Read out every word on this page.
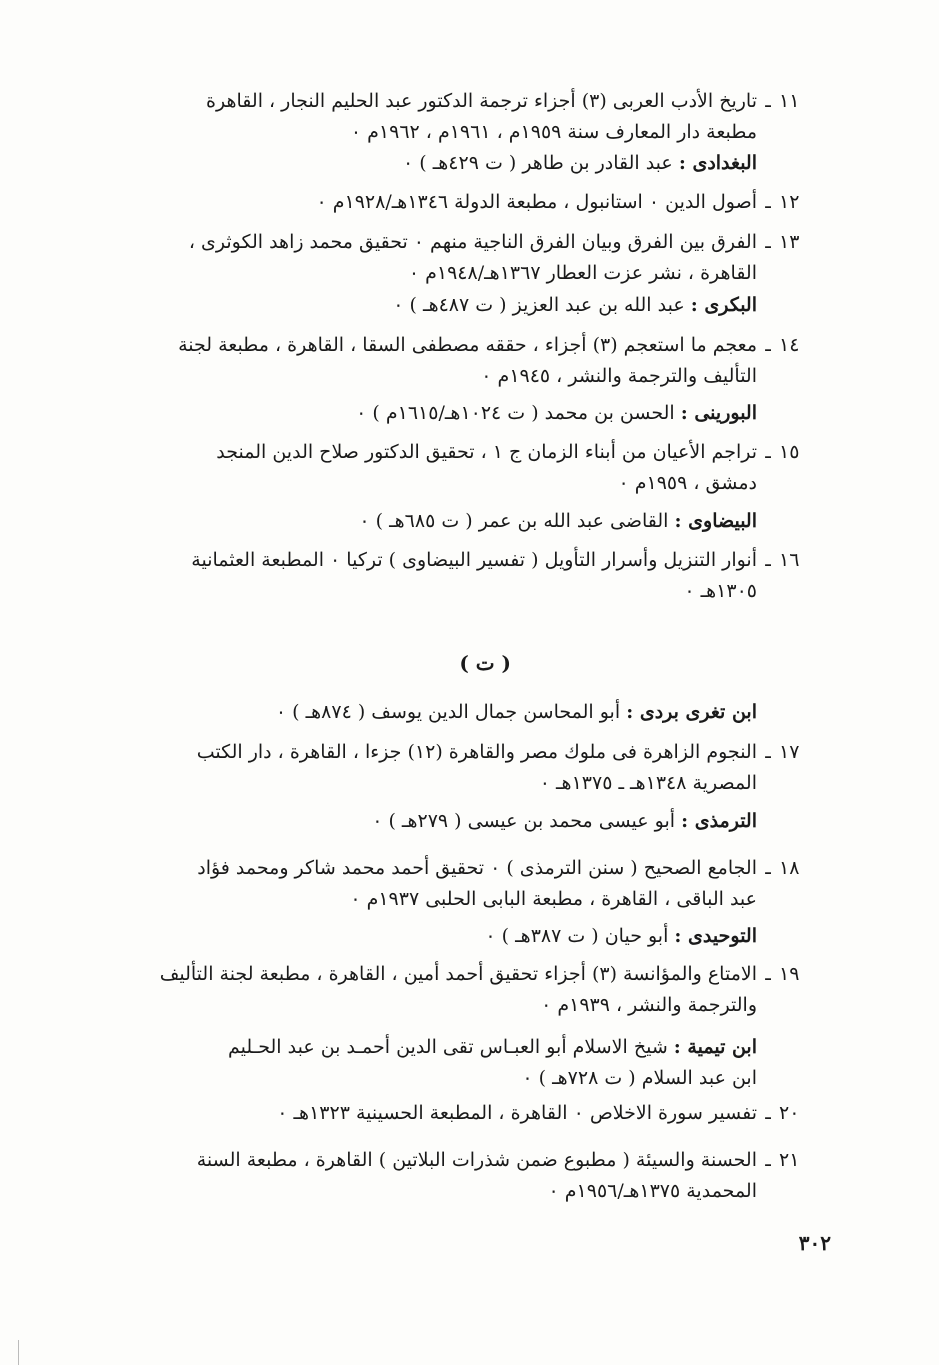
١١ـتاريخ الأدب العربى (٣) أجزاء ترجمة الدكتور عبد الحليم النجار ، القاهرة
مطبعة دار المعارف سنة ١٩٥٩م ، ١٩٦١م ، ١٩٦٢م ٠
البغدادى : عبد القادر بن طاهر ( ت ٤٢٩هـ ) ٠
١٢ـأصول الدين ٠ استانبول ، مطبعة الدولة ١٣٤٦هـ/١٩٢٨م ٠
١٣ـالفرق بين الفرق وبيان الفرق الناجية منهم ٠ تحقيق محمد زاهد الكوثرى ،
القاهرة ، نشر عزت العطار ١٣٦٧هـ/١٩٤٨م ٠
البكرى : عبد الله بن عبد العزيز ( ت ٤٨٧هـ ) ٠
١٤ـمعجم ما استعجم (٣) أجزاء ، حققه مصطفى السقا ، القاهرة ، مطبعة لجنة
التأليف والترجمة والنشر ، ١٩٤٥م ٠
البورينى : الحسن بن محمد ( ت ١٠٢٤هـ/١٦١٥م ) ٠
١٥ـتراجم الأعيان من أبناء الزمان ج ١ ، تحقيق الدكتور صلاح الدين المنجد
دمشق ، ١٩٥٩م ٠
البيضاوى : القاضى عبد الله بن عمر ( ت ٦٨٥هـ ) ٠
١٦ـأنوار التنزيل وأسرار التأويل ( تفسير البيضاوى ) تركيا ٠ المطبعة العثمانية
١٣٠٥هـ ٠
( ت )
ابن تغرى بردى : أبو المحاسن جمال الدين يوسف ( ٨٧٤هـ ) ٠
١٧ـالنجوم الزاهرة فى ملوك مصر والقاهرة (١٢) جزءا ، القاهرة ، دار الكتب
المصرية ١٣٤٨هـ ـ ١٣٧٥هـ ٠
الترمذى : أبو عيسى محمد بن عيسى ( ٢٧٩هـ ) ٠
١٨ـالجامع الصحيح ( سنن الترمذى ) ٠ تحقيق أحمد محمد شاكر ومحمد فؤاد
عبد الباقى ، القاهرة ، مطبعة البابى الحلبى ١٩٣٧م ٠
التوحيدى : أبو حيان ( ت ٣٨٧هـ ) ٠
١٩ـالامتاع والمؤانسة (٣) أجزاء تحقيق أحمد أمين ، القاهرة ، مطبعة لجنة التأليف
والترجمة والنشر ، ١٩٣٩م ٠
ابن تيمية : شيخ الاسلام أبو العبـاس تقى الدين أحمـد بن عبد الحـليم
ابن عبد السلام ( ت ٧٢٨هـ ) ٠
٢٠ـتفسير سورة الاخلاص ٠ القاهرة ، المطبعة الحسينية ١٣٢٣هـ ٠
٢١ـالحسنة والسيئة ( مطبوع ضمن شذرات البلاتين ) القاهرة ، مطبعة السنة
المحمدية ١٣٧٥هـ/١٩٥٦م ٠
٣٠٢
